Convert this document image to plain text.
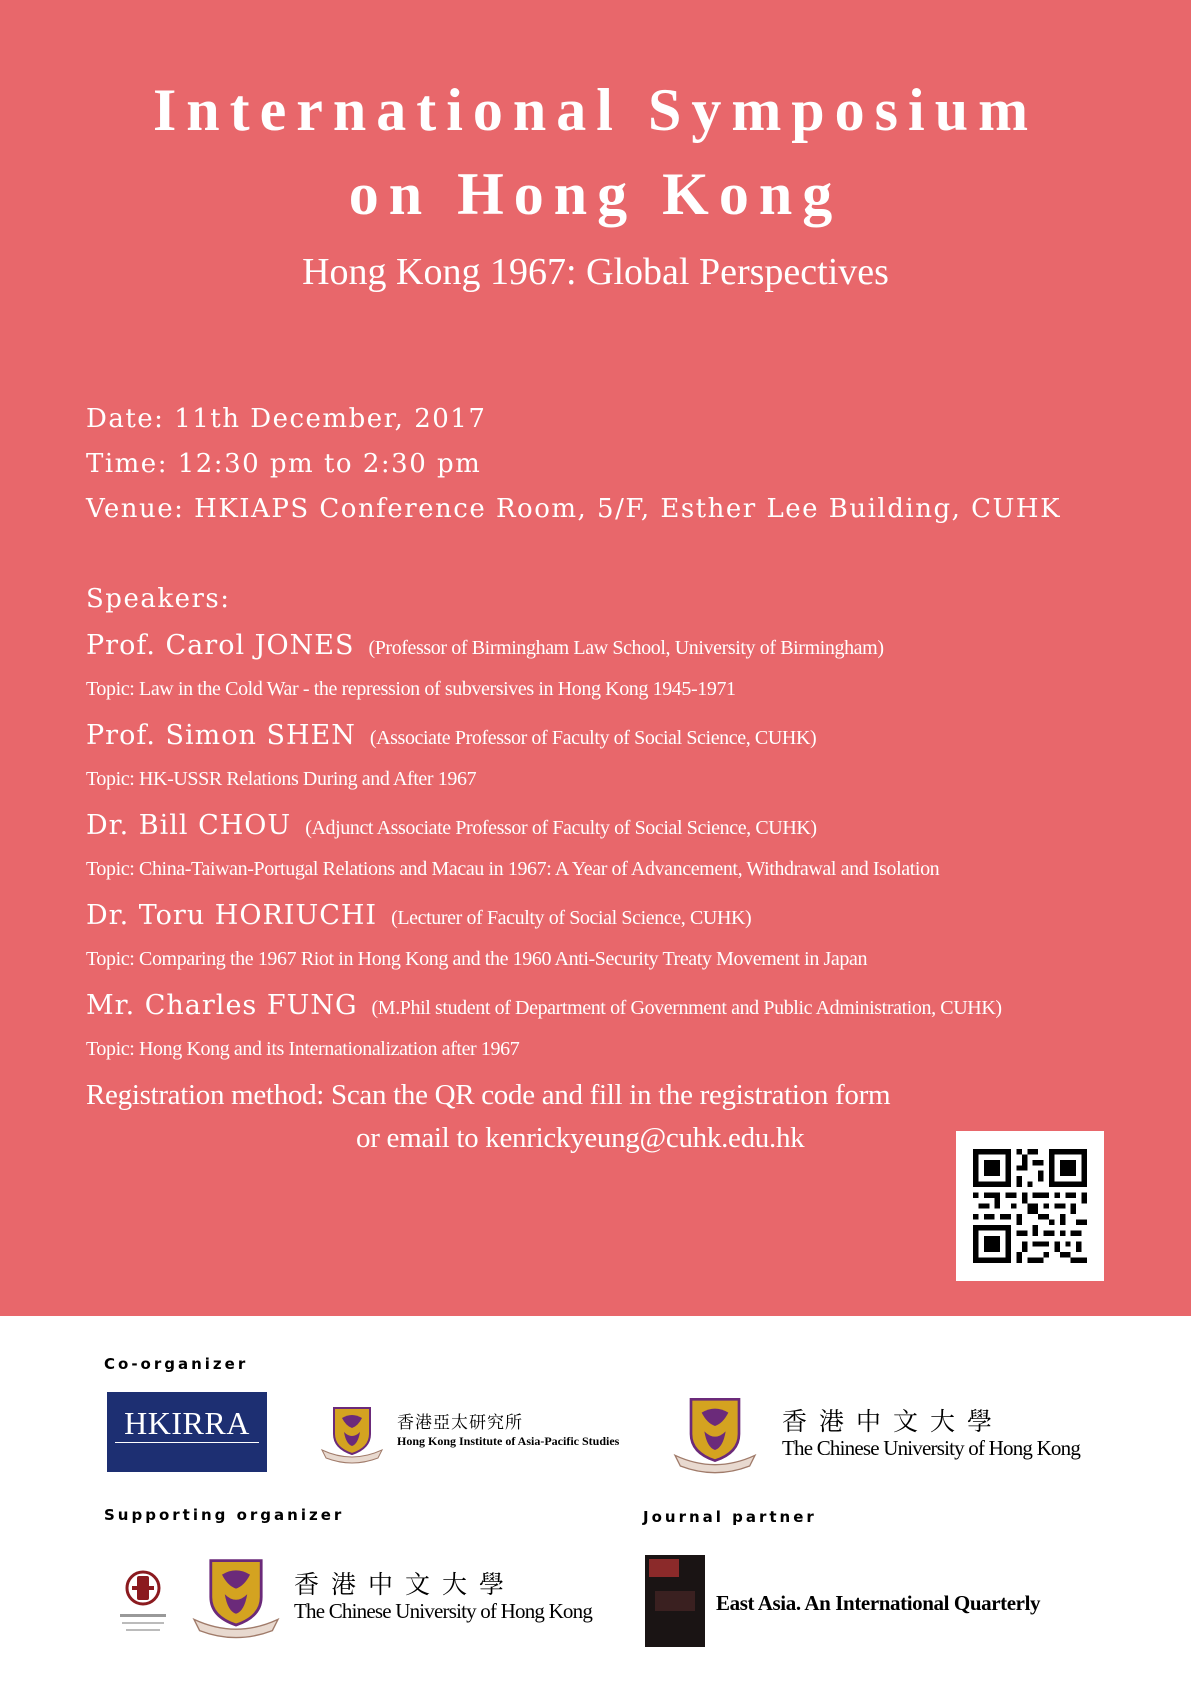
International Symposium
on Hong Kong

Hong Kong 1967: Global Perspectives

Date: 11th December, 2017
Time: 12:30 pm to 2:30 pm
Venue: HKIAPS Conference Room, 5/F, Esther Lee Building, CUHK
Speakers:
Prof. Carol JONES (Professor of Birmingham Law School, University of Birmingham)
Topic: Law in the Cold War - the repression of subversives in Hong Kong 1945-1971
Prof. Simon SHEN (Associate Professor of Faculty of Social Science, CUHK)
Topic: HK-USSR Relations During and After 1967
Dr. Bill CHOU (Adjunct Associate Professor of Faculty of Social Science, CUHK)
Topic: China-Taiwan-Portugal Relations and Macau in 1967: A Year of Advancement, Withdrawal and Isolation
Dr. Toru HORIUCHI (Lecturer of Faculty of Social Science, CUHK)
Topic: Comparing the 1967 Riot in Hong Kong and the 1960 Anti-Security Treaty Movement in Japan
Mr. Charles FUNG (M.Phil student of Department of Government and Public Administration, CUHK)
Topic: Hong Kong and its Internationalization after 1967
Registration method: Scan the QR code and fill in the registration form
or email to kenrickyeung@cuhk.edu.hk
Co-organizer
HKIRRA	香港亞太研究所
Hong Kong Institute of Asia-Pacific Studies
香港中文大學
The Chinese University of Hong Kong
Supporting organizer	Journal partner
香港中文大學
The Chinese University of Hong Kong	East Asia. An International Quarterly
